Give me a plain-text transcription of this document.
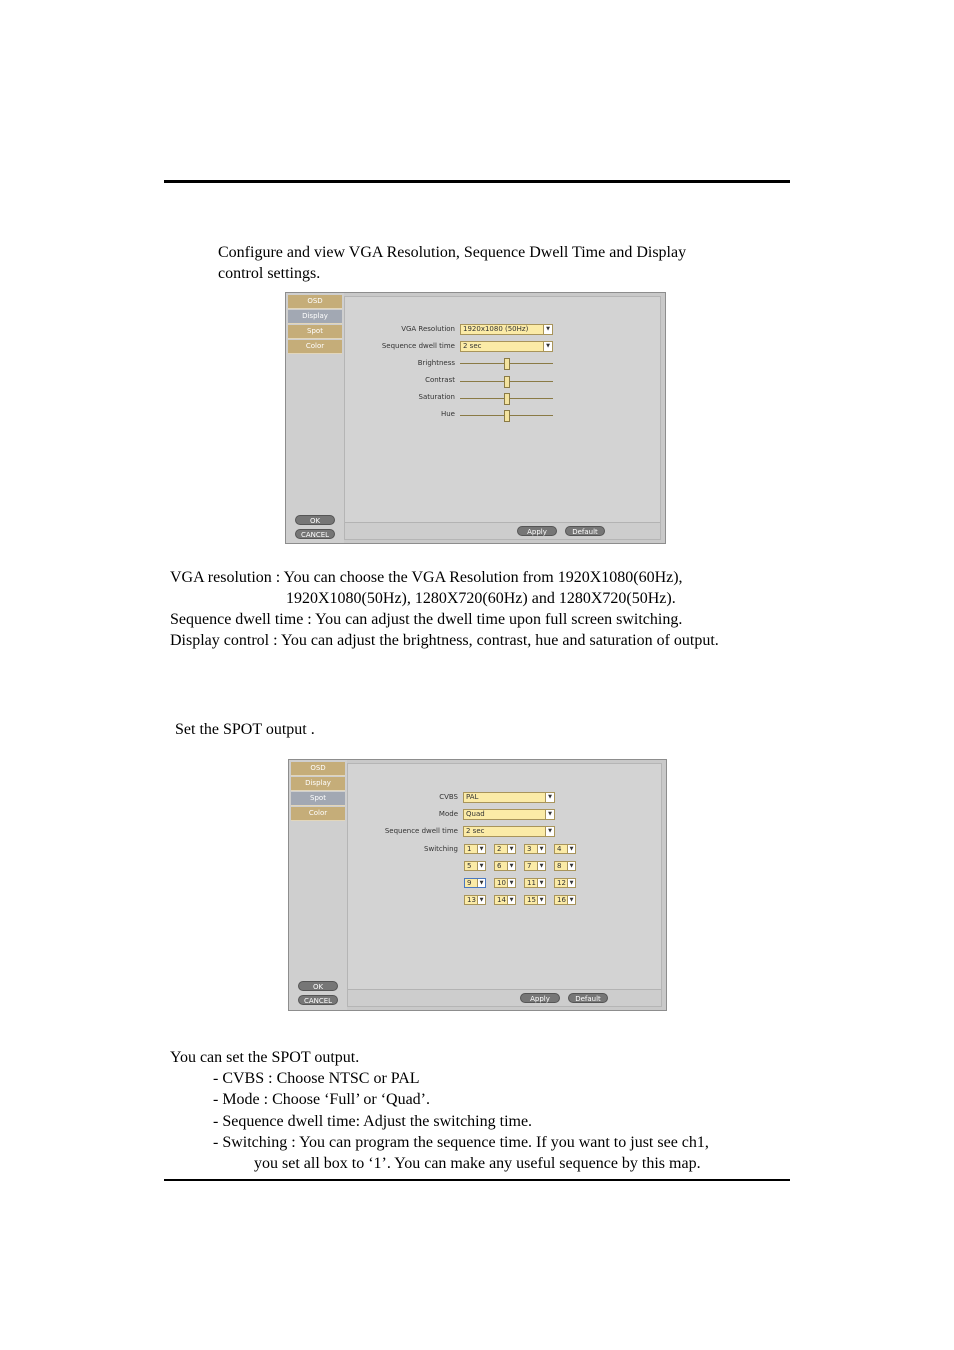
Configure and view VGA Resolution, Sequence Dwell Time and Display
control settings.
OSD
Display
Spot
Color
OK
CANCEL
VGA Resolution	1920x1080 (50Hz)	▼
Sequence dwell time	2 sec	▼
Brightness
Contrast
Saturation
Hue
Apply	Default
VGA resolution : You can choose the VGA Resolution from 1920X1080(60Hz),
1920X1080(50Hz), 1280X720(60Hz) and 1280X720(50Hz).
Sequence dwell time : You can adjust the dwell time upon full screen switching.
Display control : You can adjust the brightness, contrast, hue and saturation of output.
Set the SPOT output .
OSD
Display
Spot
Color
OK
CANCEL
CVBS	PAL	▼
Mode	Quad	▼
Sequence dwell time	2 sec	▼
Switching	1	▼	2	▼	3	▼	4	▼
5	▼	6	▼	7	▼	8	▼
9	▼	10 ▼	11 ▼	12 ▼
13 ▼	14 ▼	15 ▼	16 ▼
Apply	Default
You can set the SPOT output.
- CVBS : Choose NTSC or PAL
- Mode : Choose ‘Full’ or ‘Quad’.
- Sequence dwell time: Adjust the switching time.
- Switching : You can program the sequence time. If you want to just see ch1,
you set all box to ‘1’. You can make any useful sequence by this map.
